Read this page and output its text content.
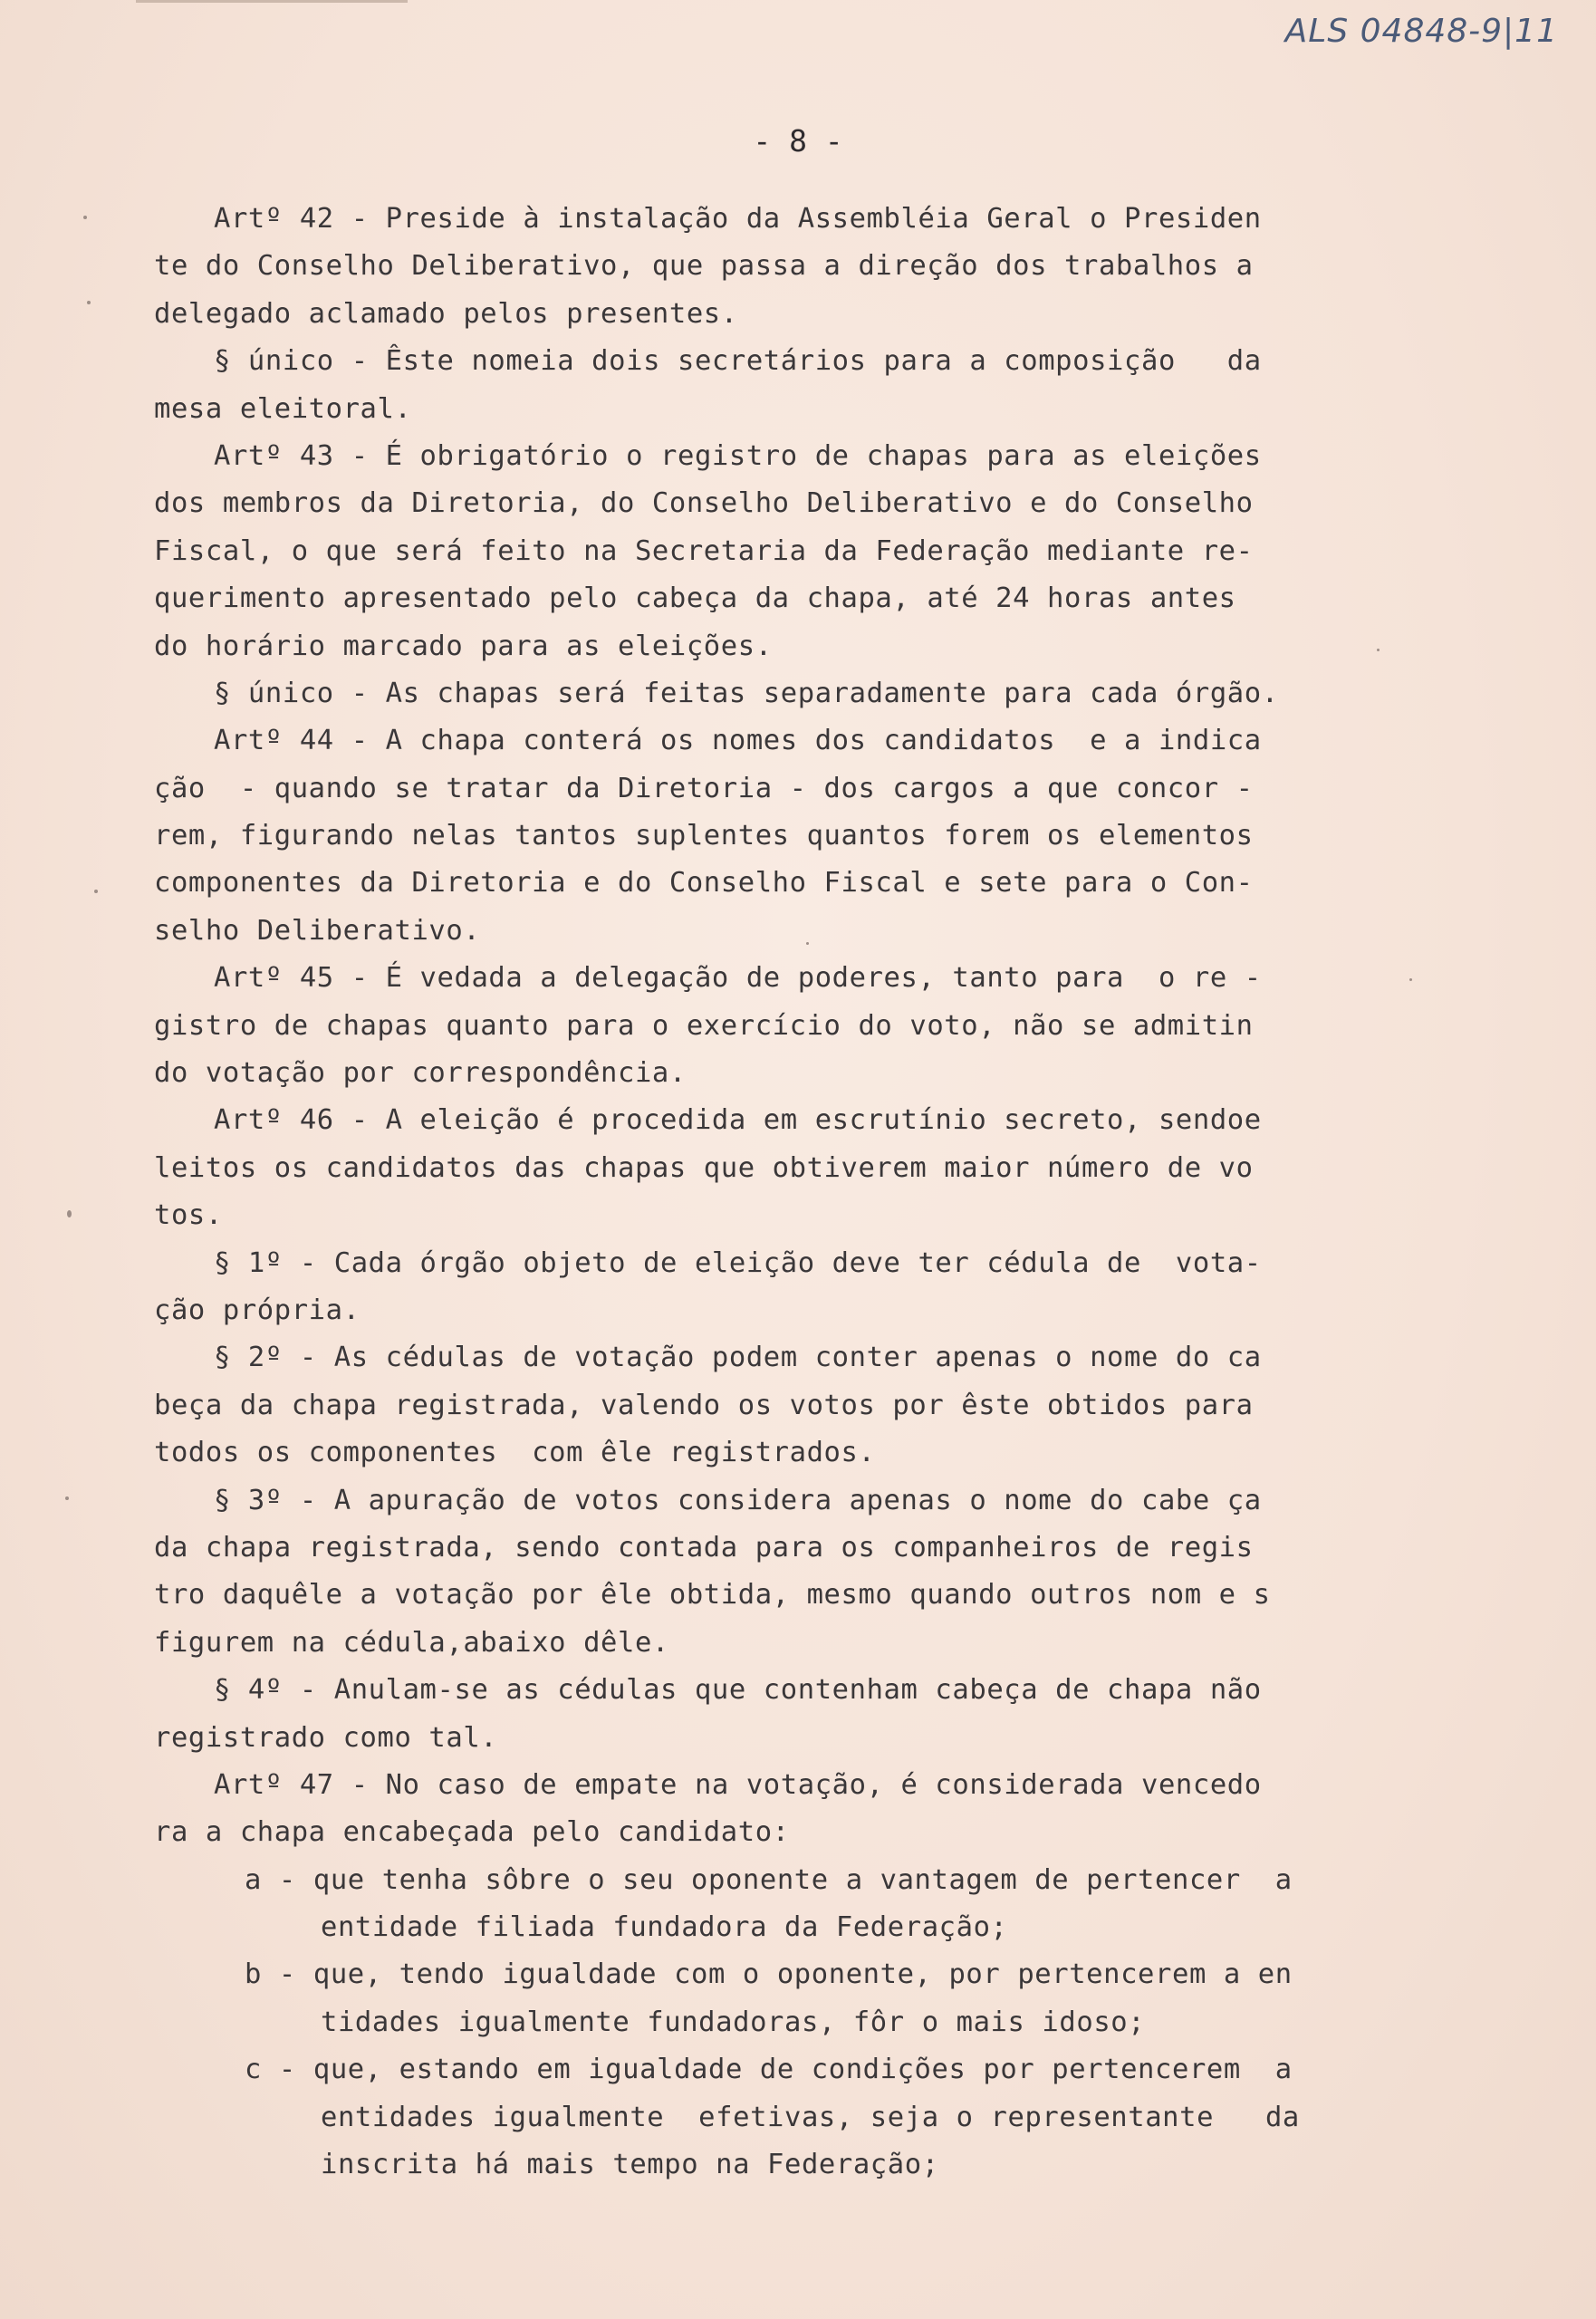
ALS 04848-9|11
- 8 -
Artº 42 - Preside à instalação da Assembléia Geral o Presiden
te do Conselho Deliberativo, que passa a direção dos trabalhos a
delegado aclamado pelos presentes.
§ único - Êste nomeia dois secretários para a composição   da
mesa eleitoral.
Artº 43 - É obrigatório o registro de chapas para as eleições
dos membros da Diretoria, do Conselho Deliberativo e do Conselho
Fiscal, o que será feito na Secretaria da Federação mediante re-
querimento apresentado pelo cabeça da chapa, até 24 horas antes
do horário marcado para as eleições.
§ único - As chapas será feitas separadamente para cada órgão.
Artº 44 - A chapa conterá os nomes dos candidatos  e a indica
ção  - quando se tratar da Diretoria - dos cargos a que concor -
rem, figurando nelas tantos suplentes quantos forem os elementos
componentes da Diretoria e do Conselho Fiscal e sete para o Con-
selho Deliberativo.
Artº 45 - É vedada a delegação de poderes, tanto para  o re -
gistro de chapas quanto para o exercício do voto, não se admitin
do votação por correspondência.
Artº 46 - A eleição é procedida em escrutínio secreto, sendoe
leitos os candidatos das chapas que obtiverem maior número de vo
tos.
§ 1º - Cada órgão objeto de eleição deve ter cédula de  vota-
ção própria.
§ 2º - As cédulas de votação podem conter apenas o nome do ca
beça da chapa registrada, valendo os votos por êste obtidos para
todos os componentes  com êle registrados.
§ 3º - A apuração de votos considera apenas o nome do cabe ça
da chapa registrada, sendo contada para os companheiros de regis
tro daquêle a votação por êle obtida, mesmo quando outros nom e s
figurem na cédula,abaixo dêle.
§ 4º - Anulam-se as cédulas que contenham cabeça de chapa não
registrado como tal.
Artº 47 - No caso de empate na votação, é considerada vencedo
ra a chapa encabeçada pelo candidato:
a - que tenha sôbre o seu oponente a vantagem de pertencer  a
entidade filiada fundadora da Federação;
b - que, tendo igualdade com o oponente, por pertencerem a en
tidades igualmente fundadoras, fôr o mais idoso;
c - que, estando em igualdade de condições por pertencerem  a
entidades igualmente  efetivas, seja o representante   da
inscrita há mais tempo na Federação;
